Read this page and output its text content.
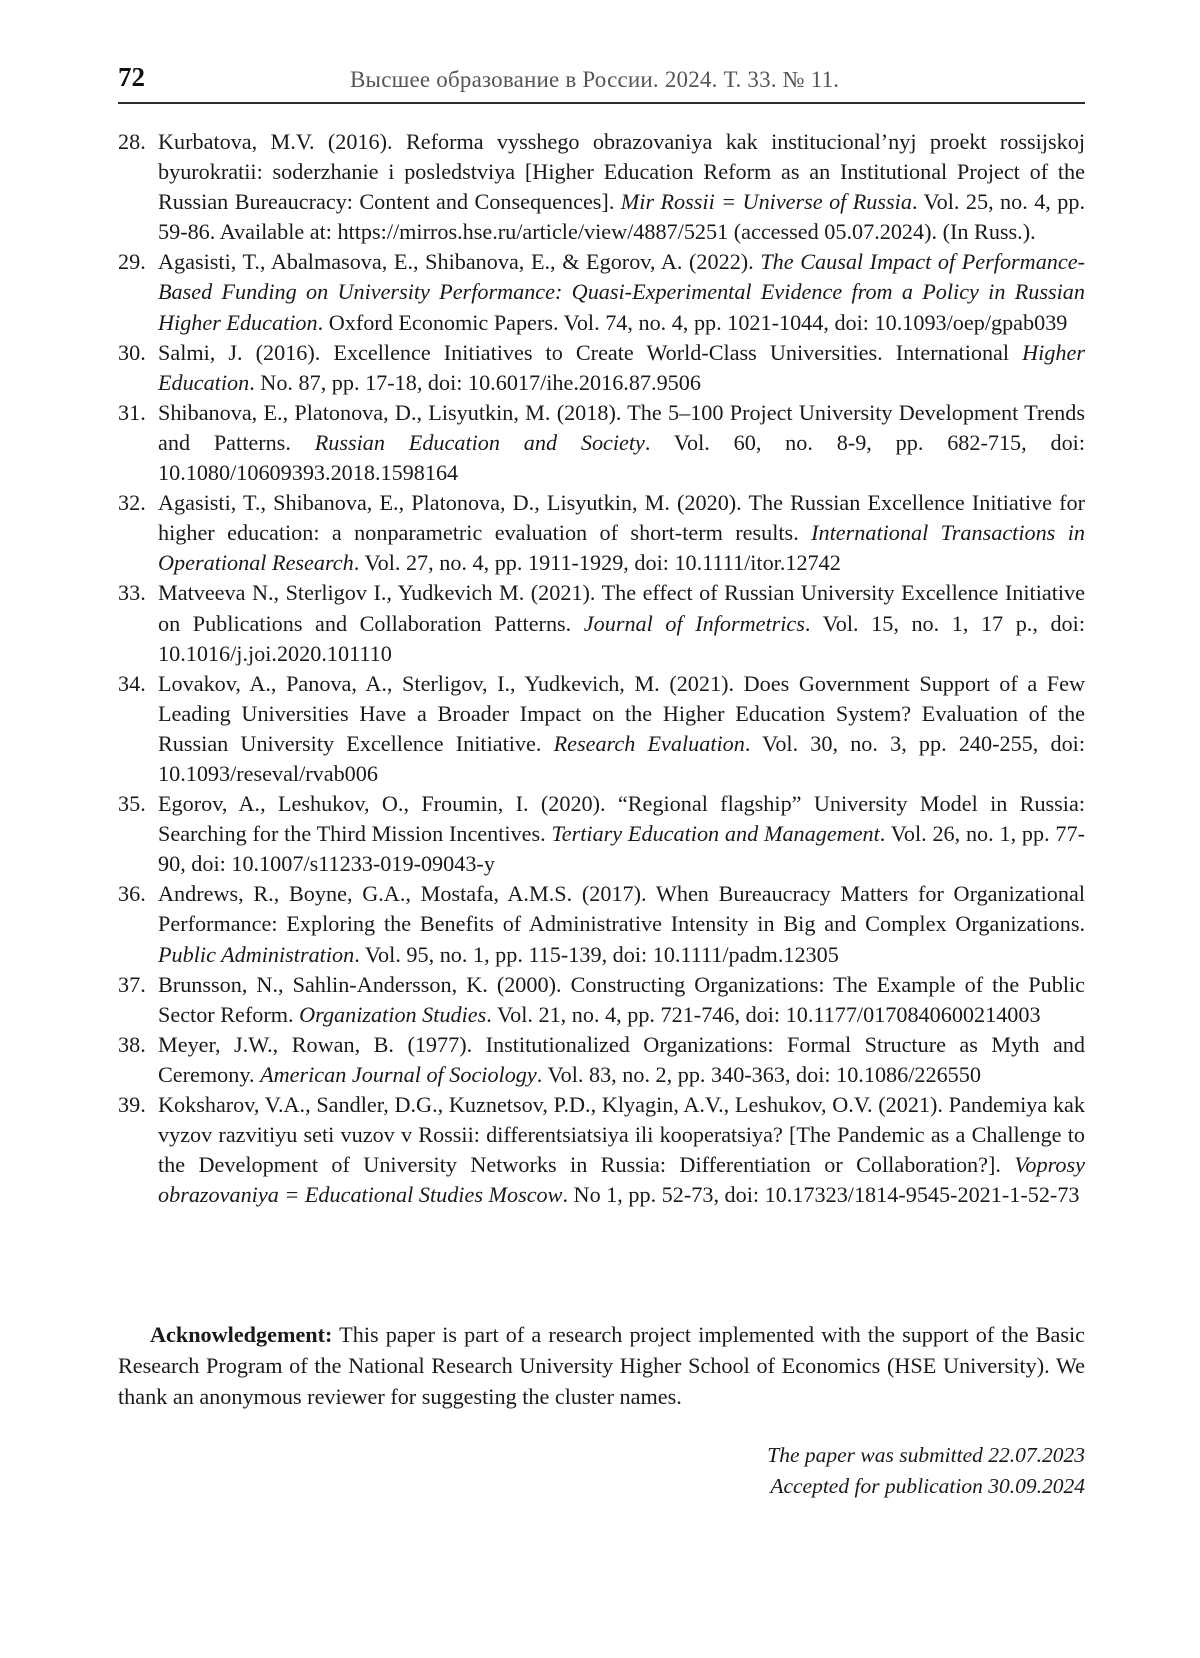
72	Высшее образование в России. 2024. Т. 33. № 11.
28. Kurbatova, M.V. (2016). Reforma vysshego obrazovaniya kak institucional’nyj proekt rossijskoj byurokratii: soderzhanie i posledstviya [Higher Education Reform as an Institutional Project of the Russian Bureaucracy: Content and Consequences]. Mir Rossii = Universe of Russia. Vol. 25, no. 4, pp. 59-86. Available at: https://mirros.hse.ru/article/view/4887/5251 (accessed 05.07.2024). (In Russ.).
29. Agasisti, T., Abalmasova, E., Shibanova, E., & Egorov, A. (2022). The Causal Impact of Performance-Based Funding on University Performance: Quasi-Experimental Evidence from a Policy in Russian Higher Education. Oxford Economic Papers. Vol. 74, no. 4, pp. 1021-1044, doi: 10.1093/oep/gpab039
30. Salmi, J. (2016). Excellence Initiatives to Create World-Class Universities. International Higher Education. No. 87, pp. 17-18, doi: 10.6017/ihe.2016.87.9506
31. Shibanova, E., Platonova, D., Lisyutkin, M. (2018). The 5–100 Project University Development Trends and Patterns. Russian Education and Society. Vol. 60, no. 8-9, pp. 682-715, doi: 10.1080/10609393.2018.1598164
32. Agasisti, T., Shibanova, E., Platonova, D., Lisyutkin, M. (2020). The Russian Excellence Initiative for higher education: a nonparametric evaluation of short-term results. International Transactions in Operational Research. Vol. 27, no. 4, pp. 1911-1929, doi: 10.1111/itor.12742
33. Matveeva N., Sterligov I., Yudkevich M. (2021). The effect of Russian University Excellence Initiative on Publications and Collaboration Patterns. Journal of Informetrics. Vol. 15, no. 1, 17 p., doi: 10.1016/j.joi.2020.101110
34. Lovakov, A., Panova, A., Sterligov, I., Yudkevich, M. (2021). Does Government Support of a Few Leading Universities Have a Broader Impact on the Higher Education System? Evaluation of the Russian University Excellence Initiative. Research Evaluation. Vol. 30, no. 3, pp. 240-255, doi: 10.1093/reseval/rvab006
35. Egorov, A., Leshukov, O., Froumin, I. (2020). “Regional flagship” University Model in Russia: Searching for the Third Mission Incentives. Tertiary Education and Management. Vol. 26, no. 1, pp. 77-90, doi: 10.1007/s11233-019-09043-y
36. Andrews, R., Boyne, G.A., Mostafa, A.M.S. (2017). When Bureaucracy Matters for Organizational Performance: Exploring the Benefits of Administrative Intensity in Big and Complex Organizations. Public Administration. Vol. 95, no. 1, pp. 115-139, doi: 10.1111/padm.12305
37. Brunsson, N., Sahlin-Andersson, K. (2000). Constructing Organizations: The Example of the Public Sector Reform. Organization Studies. Vol. 21, no. 4, pp. 721-746, doi: 10.1177/0170840600214003
38. Meyer, J.W., Rowan, B. (1977). Institutionalized Organizations: Formal Structure as Myth and Ceremony. American Journal of Sociology. Vol. 83, no. 2, pp. 340-363, doi: 10.1086/226550
39. Koksharov, V.A., Sandler, D.G., Kuznetsov, P.D., Klyagin, A.V., Leshukov, O.V. (2021). Pandemiya kak vyzov razvitiyu seti vuzov v Rossii: differentsiatsiya ili kooperatsiya? [The Pandemic as a Challenge to the Development of University Networks in Russia: Differentiation or Collaboration?]. Voprosy obrazovaniya = Educational Studies Moscow. No 1, pp. 52-73, doi: 10.17323/1814-9545-2021-1-52-73
Acknowledgement: This paper is part of a research project implemented with the support of the Basic Research Program of the National Research University Higher School of Economics (HSE University). We thank an anonymous reviewer for suggesting the cluster names.
The paper was submitted 22.07.2023
Accepted for publication 30.09.2024
